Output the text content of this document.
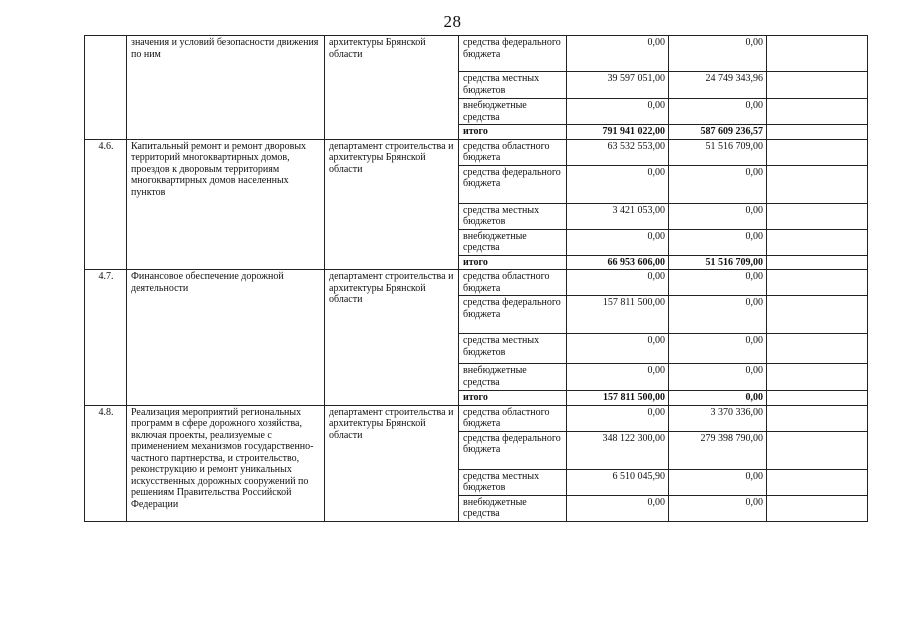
28
	значения и условий безопасности движения по ним	архитектуры Брянской области	средства федерального бюджета	0,00	0,00	
			средства местных бюджетов	39 597 051,00	24 749 343,96	
			внебюджетные средства	0,00	0,00	
			итого	791 941 022,00	587 609 236,57	
4.6.	Капитальный ремонт и ремонт дворовых территорий многоквартирных домов, проездов к дворовым территориям многоквартирных домов населенных пунктов	департамент строительства и архитектуры Брянской области	средства областного бюджета	63 532 553,00	51 516 709,00	
			средства федерального бюджета	0,00	0,00	
			средства местных бюджетов	3 421 053,00	0,00	
			внебюджетные средства	0,00	0,00	
			итого	66 953 606,00	51 516 709,00	
4.7.	Финансовое обеспечение дорожной деятельности	департамент строительства и архитектуры Брянской области	средства областного бюджета	0,00	0,00	
			средства федерального бюджета	157 811 500,00	0,00	
			средства местных бюджетов	0,00	0,00	
			внебюджетные средства	0,00	0,00	
			итого	157 811 500,00	0,00	
4.8.	Реализация мероприятий региональных программ в сфере дорожного хозяйства, включая проекты, реализуемые с применением механизмов государственно-частного партнерства, и строительство, реконструкцию и ремонт уникальных искусственных дорожных сооружений по решениям Правительства Российской Федерации	департамент строительства и архитектуры Брянской области	средства областного бюджета	0,00	3 370 336,00	
			средства федерального бюджета	348 122 300,00	279 398 790,00	
			средства местных бюджетов	6 510 045,90	0,00	
			внебюджетные средства	0,00	0,00	
